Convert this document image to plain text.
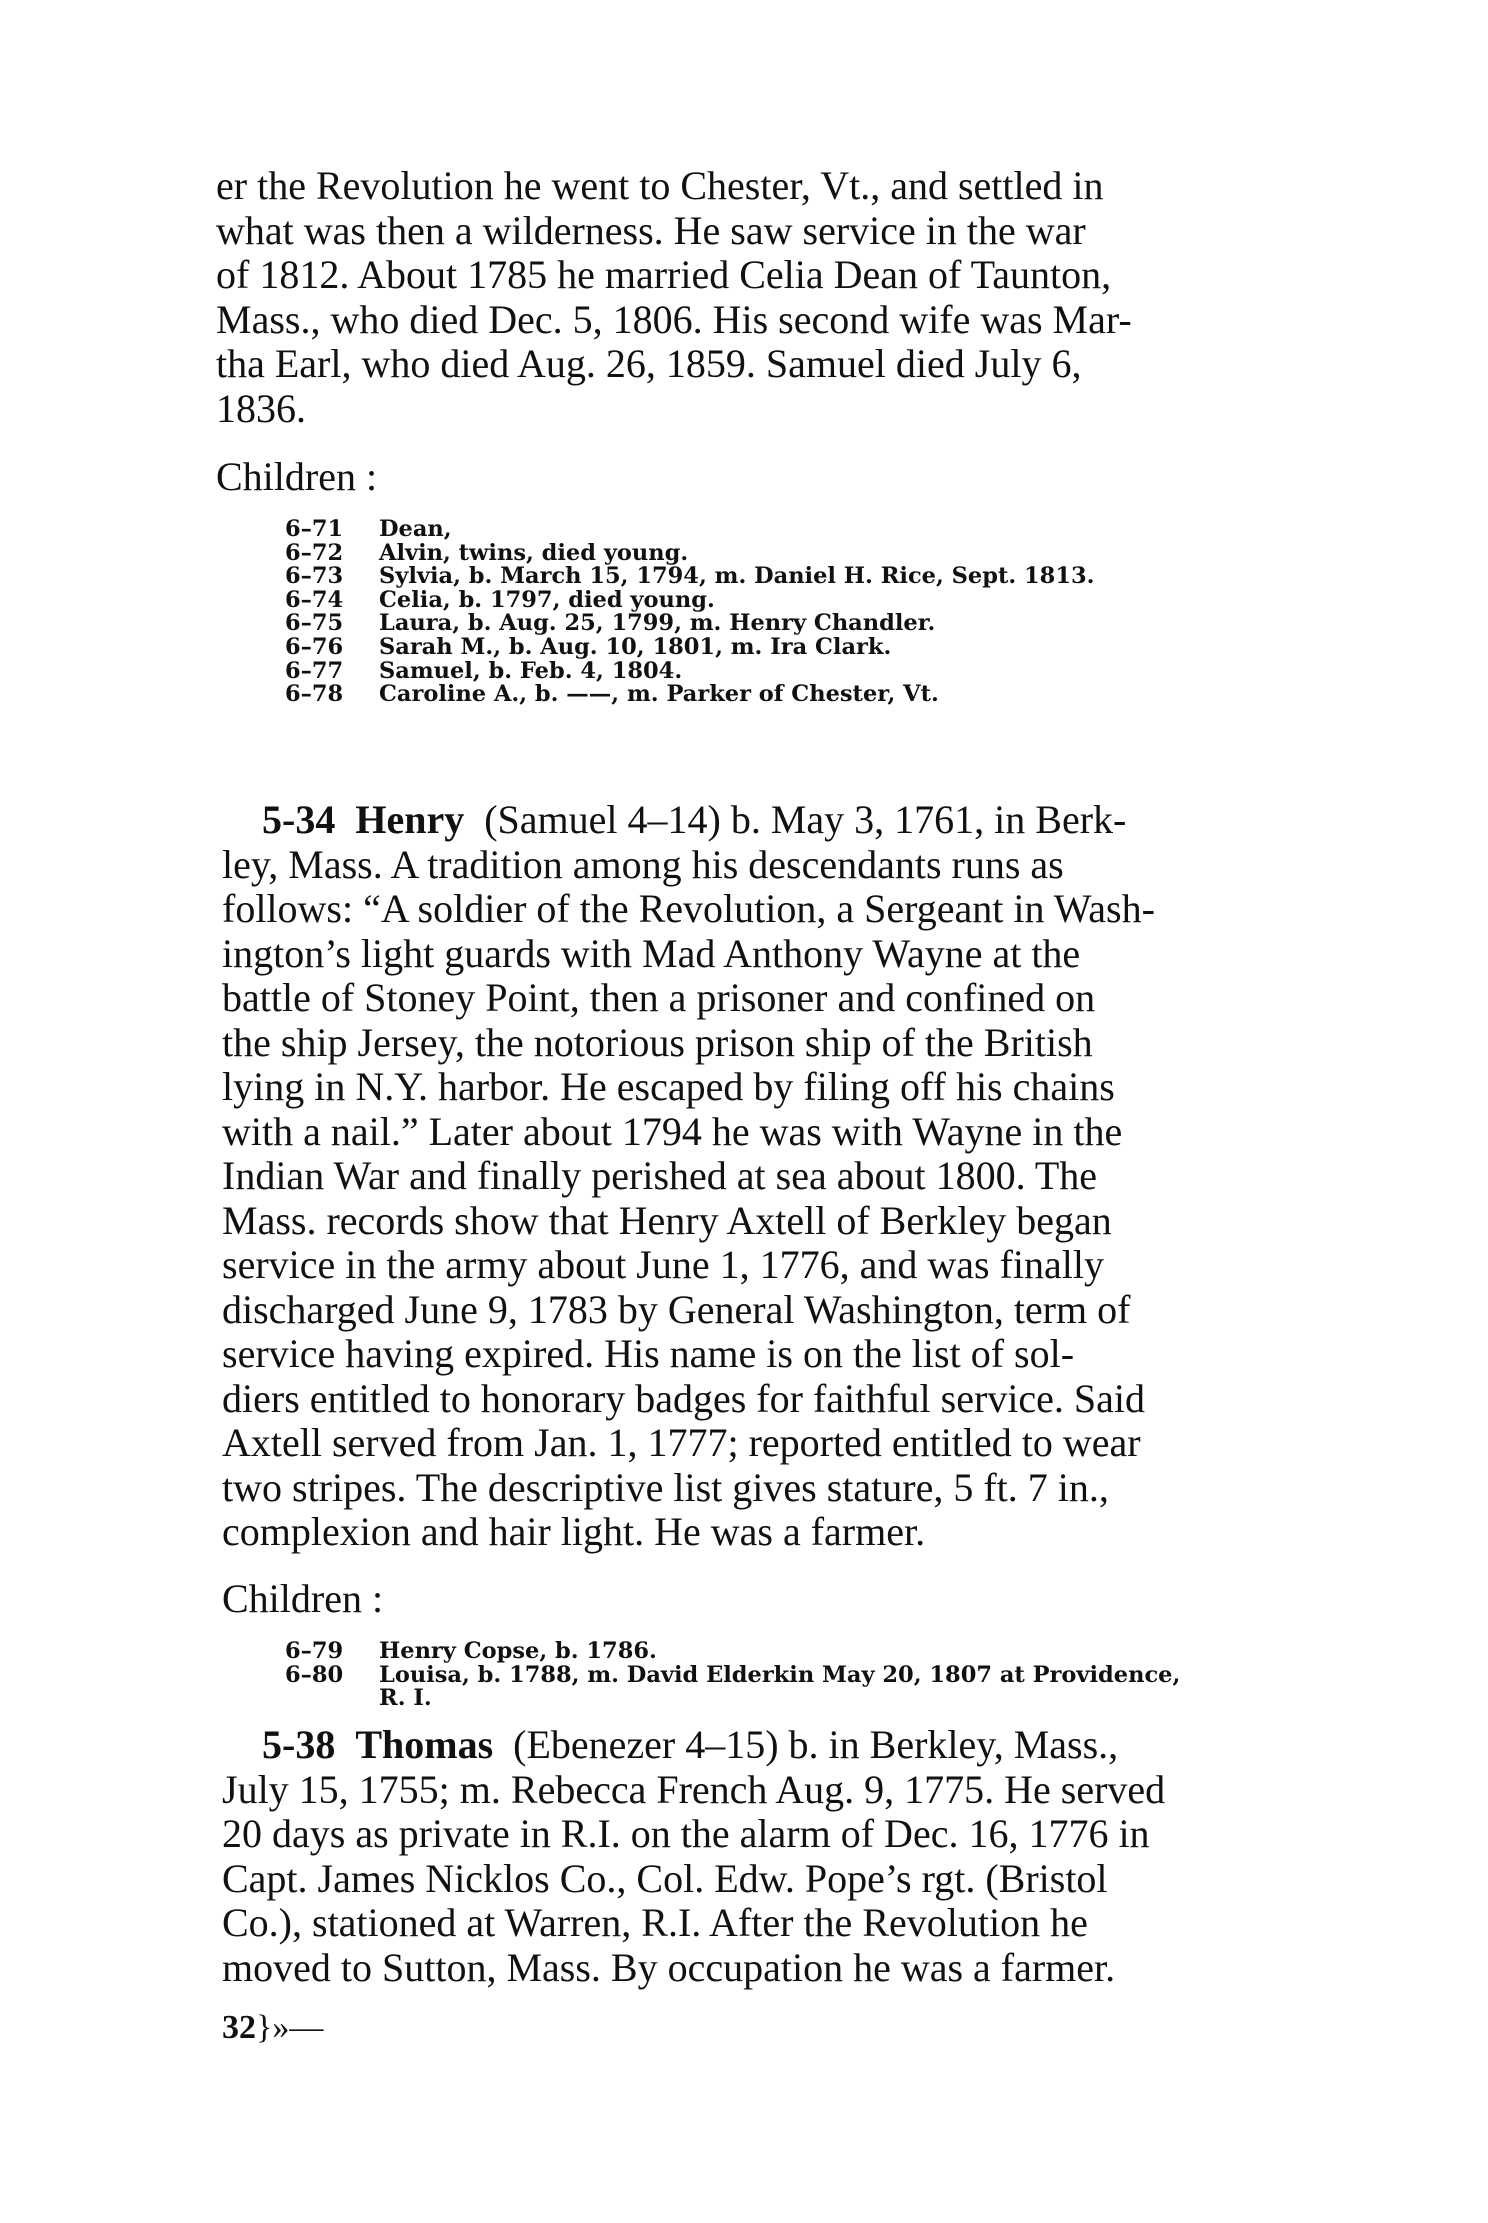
er the Revolution he went to Chester, Vt., and settled in
what was then a wilderness. He saw service in the war
of 1812. About 1785 he married Celia Dean of Taunton,
Mass., who died Dec. 5, 1806. His second wife was Mar-
tha Earl, who died Aug. 26, 1859. Samuel died July 6,
1836.
Children :
6–71	Dean,
6–72	Alvin, twins, died young.
6–73	Sylvia, b. March 15, 1794, m. Daniel H. Rice, Sept. 1813.
6–74	Celia, b. 1797, died young.
6–75	Laura, b. Aug. 25, 1799, m. Henry Chandler.
6–76	Sarah M., b. Aug. 10, 1801, m. Ira Clark.
6–77	Samuel, b. Feb. 4, 1804.
6–78	Caroline A., b. ——, m. Parker of Chester, Vt.
5-34 Henry (Samuel 4–14) b. May 3, 1761, in Berk-
ley, Mass. A tradition among his descendants runs as
follows: “A soldier of the Revolution, a Sergeant in Wash-
ington’s light guards with Mad Anthony Wayne at the
battle of Stoney Point, then a prisoner and confined on
the ship Jersey, the notorious prison ship of the British
lying in N.Y. harbor. He escaped by filing off his chains
with a nail.” Later about 1794 he was with Wayne in the
Indian War and finally perished at sea about 1800. The
Mass. records show that Henry Axtell of Berkley began
service in the army about June 1, 1776, and was finally
discharged June 9, 1783 by General Washington, term of
service having expired. His name is on the list of sol-
diers entitled to honorary badges for faithful service. Said
Axtell served from Jan. 1, 1777; reported entitled to wear
two stripes. The descriptive list gives stature, 5 ft. 7 in.,
complexion and hair light. He was a farmer.
Children :
6–79	Henry Copse, b. 1786.
6–80	Louisa, b. 1788, m. David Elderkin May 20, 1807 at Providence,
R. I.
5-38 Thomas (Ebenezer 4–15) b. in Berkley, Mass.,
July 15, 1755; m. Rebecca French Aug. 9, 1775. He served
20 days as private in R.I. on the alarm of Dec. 16, 1776 in
Capt. James Nicklos Co., Col. Edw. Pope’s rgt. (Bristol
Co.), stationed at Warren, R.I. After the Revolution he
moved to Sutton, Mass. By occupation he was a farmer.
32}»—
